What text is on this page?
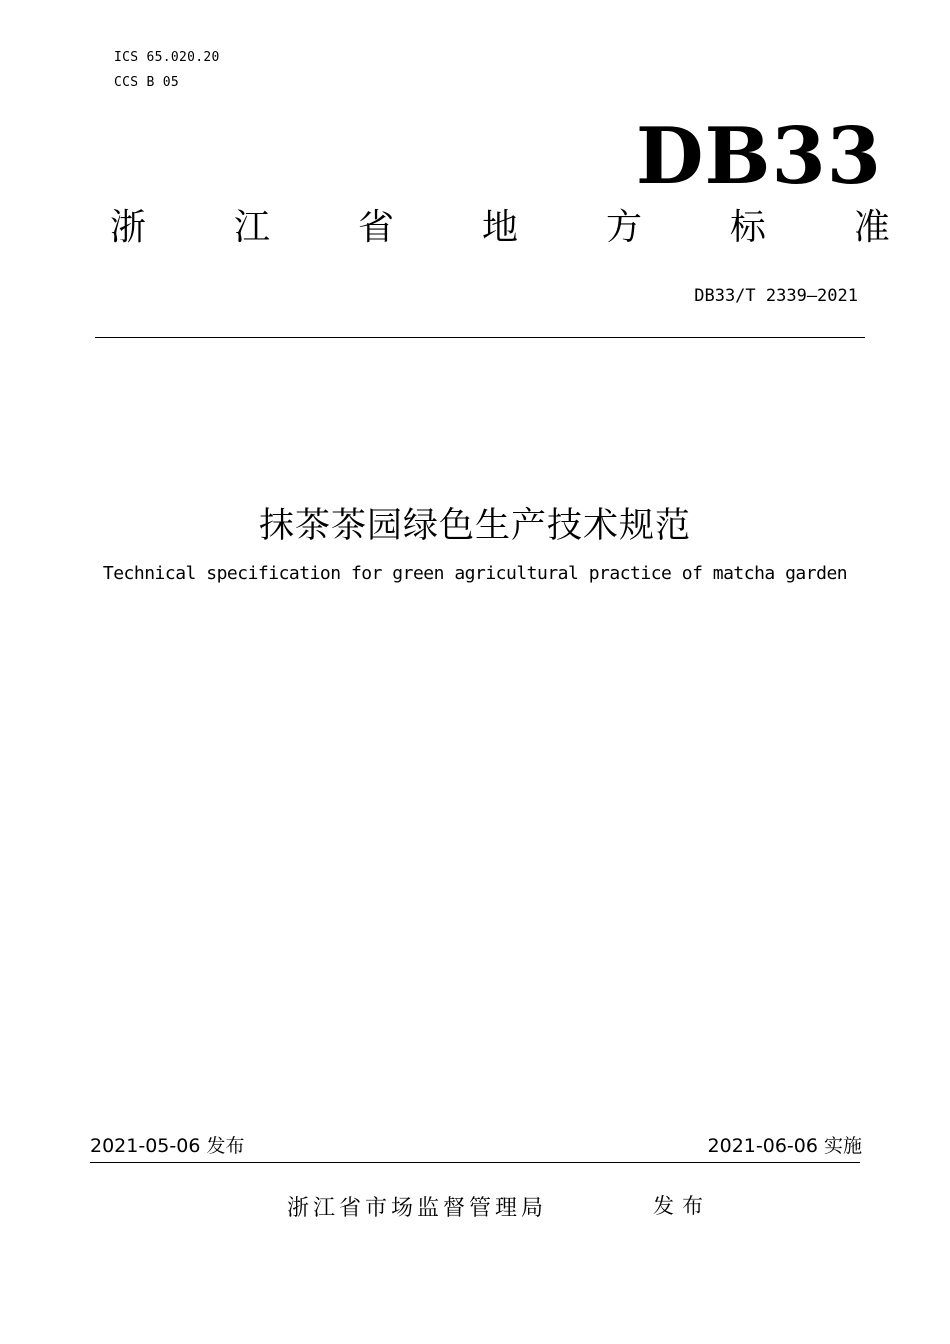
ICS 65.020.20
CCS B 05
DB33
浙 江 省 地 方 标 准
DB33/T 2339—2021
抹茶茶园绿色生产技术规范
Technical specification for green agricultural practice of matcha garden
2021-05-06 发布	2021-06-06 实施
浙江省市场监督管理局	发布
